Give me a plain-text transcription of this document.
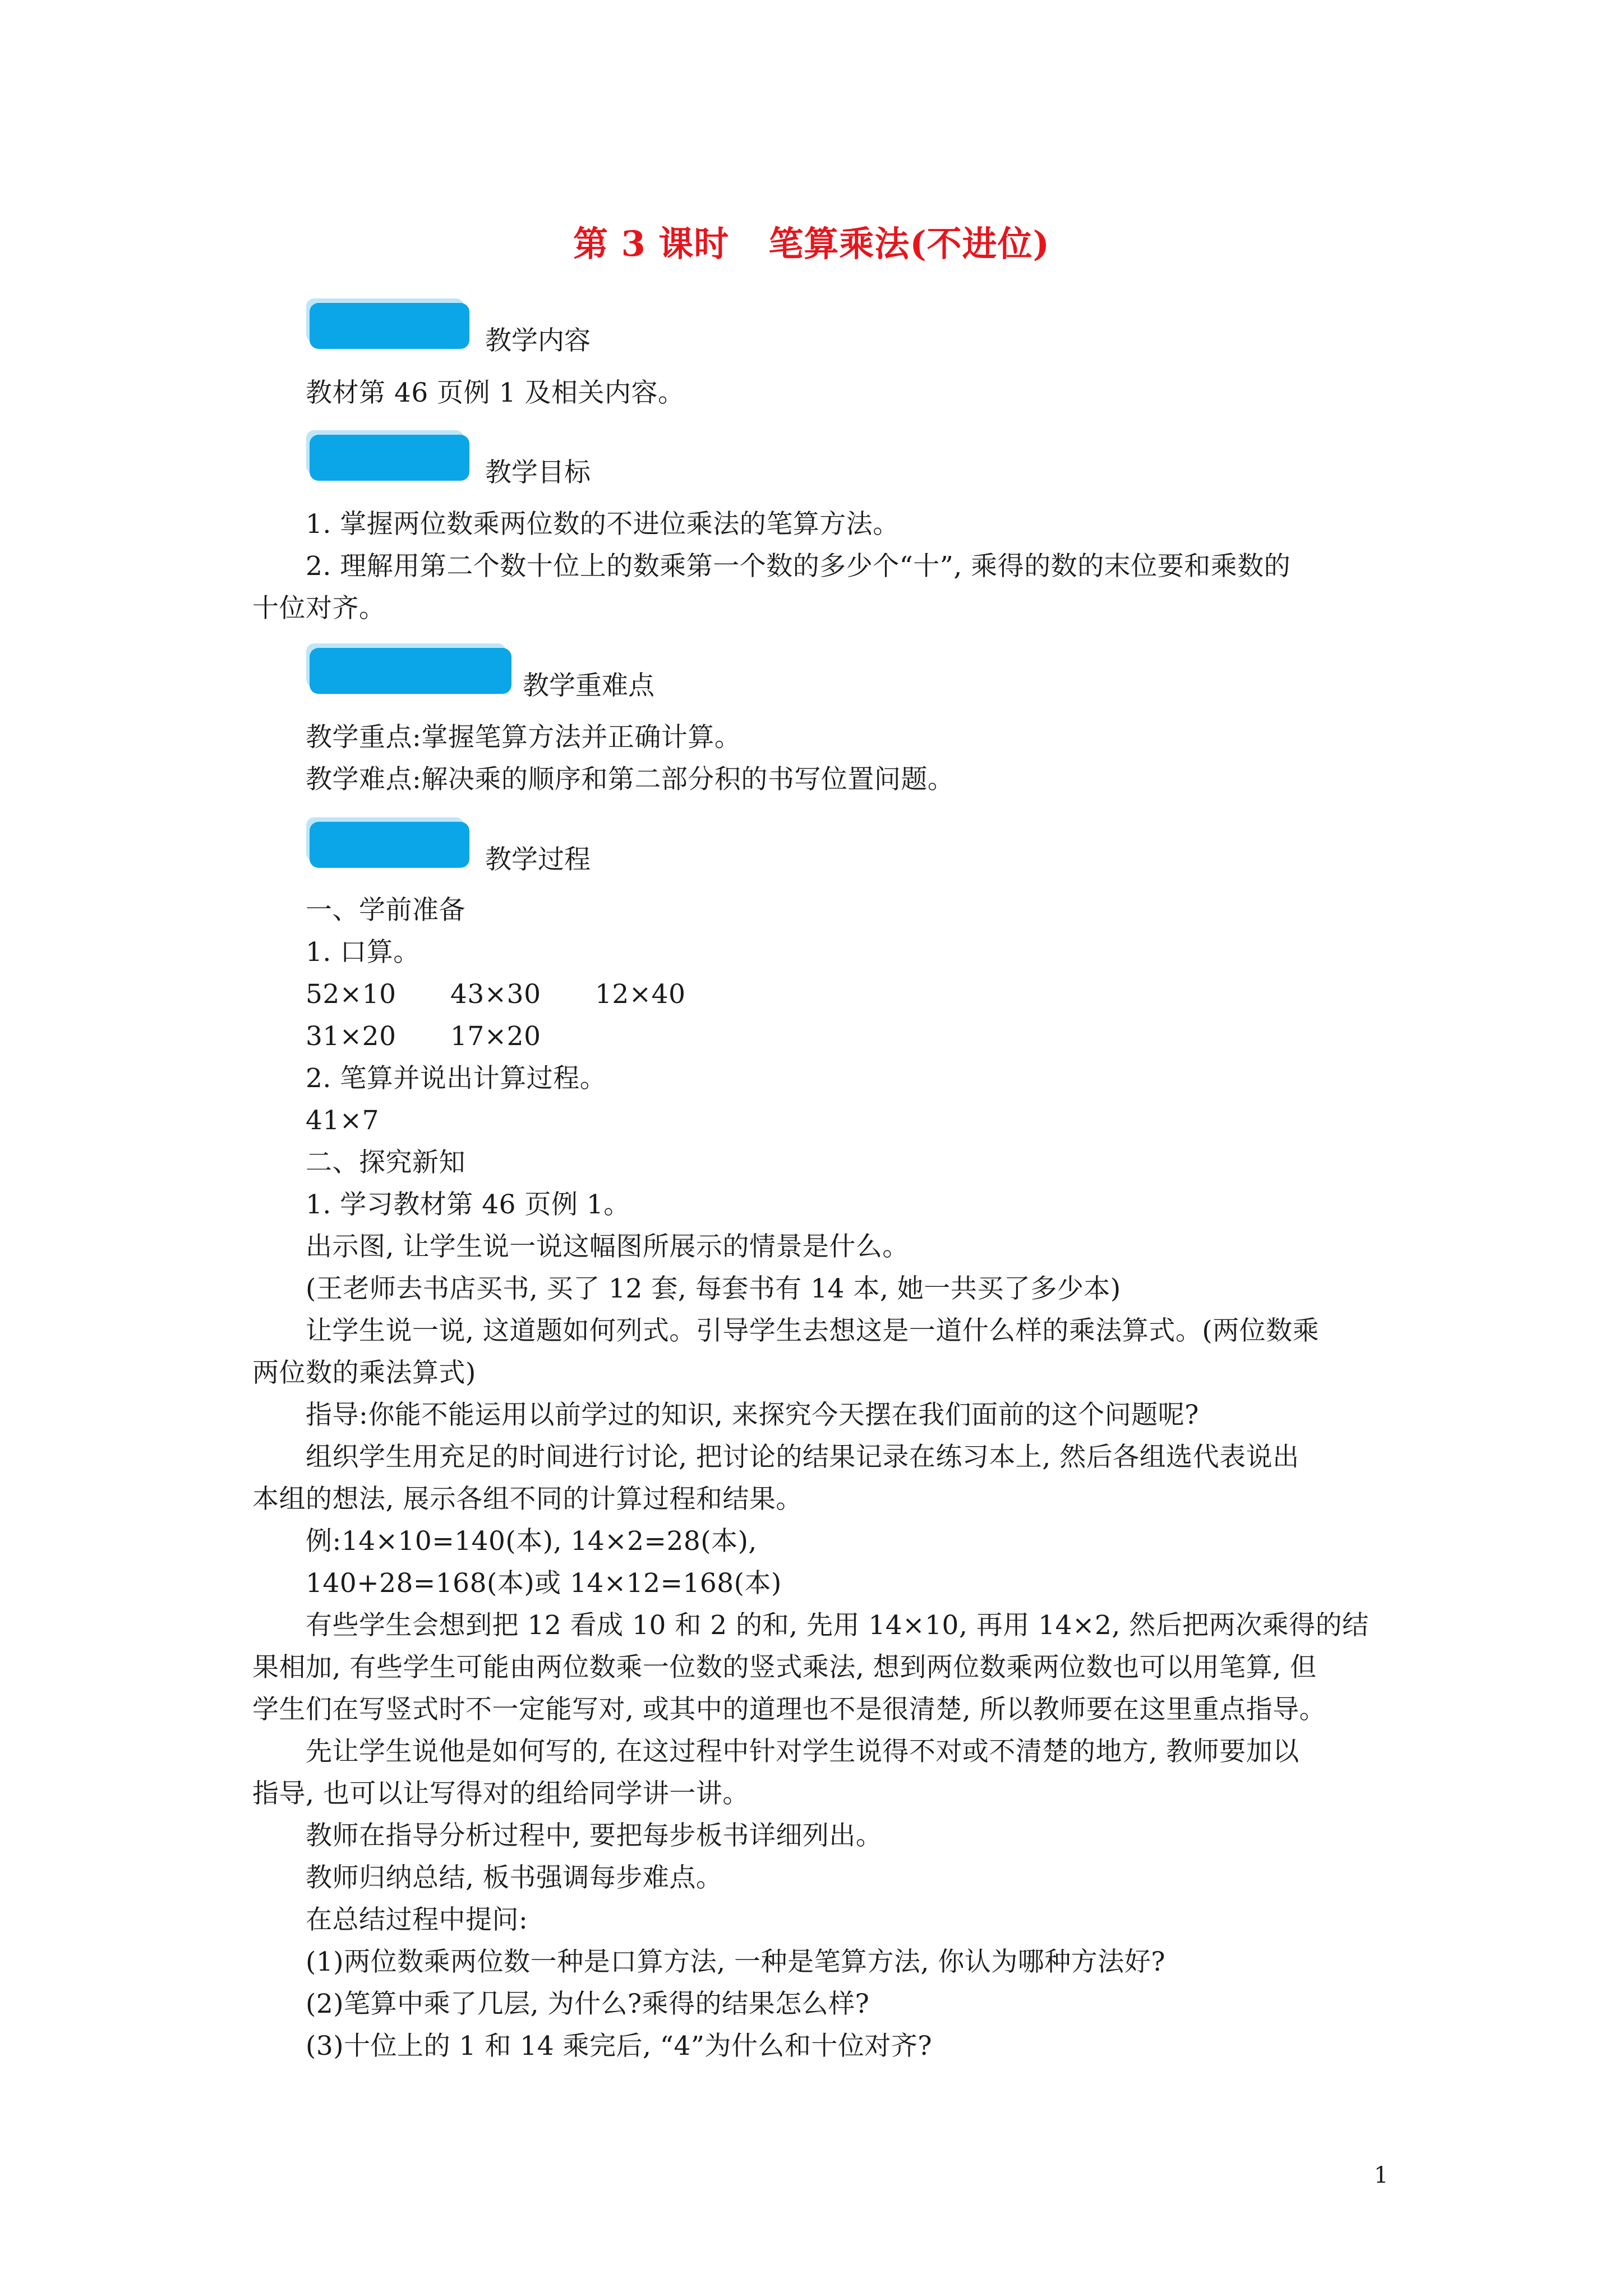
第 3 课时 笔算乘法(不进位)
教学内容
教材第 46 页例 1 及相关内容。
教学目标
1. 掌握两位数乘两位数的不进位乘法的笔算方法。
2. 理解用第二个数十位上的数乘第一个数的多少个“十”, 乘得的数的末位要和乘数的
十位对齐。
教学重难点
教学重点:掌握笔算方法并正确计算。
教学难点:解决乘的顺序和第二部分积的书写位置问题。
教学过程
一、学前准备
1. 口算。
52×10 43×30 12×40
31×20 17×20
2. 笔算并说出计算过程。
41×7
二、探究新知
1. 学习教材第 46 页例 1。
出示图, 让学生说一说这幅图所展示的情景是什么。
(王老师去书店买书, 买了 12 套, 每套书有 14 本, 她一共买了多少本)
让学生说一说, 这道题如何列式。引导学生去想这是一道什么样的乘法算式。(两位数乘
两位数的乘法算式)
指导:你能不能运用以前学过的知识, 来探究今天摆在我们面前的这个问题呢?
组织学生用充足的时间进行讨论, 把讨论的结果记录在练习本上, 然后各组选代表说出
本组的想法, 展示各组不同的计算过程和结果。
例:14×10=140(本), 14×2=28(本),
140+28=168(本)或 14×12=168(本)
有些学生会想到把 12 看成 10 和 2 的和, 先用 14×10, 再用 14×2, 然后把两次乘得的结
果相加, 有些学生可能由两位数乘一位数的竖式乘法, 想到两位数乘两位数也可以用笔算, 但
学生们在写竖式时不一定能写对, 或其中的道理也不是很清楚, 所以教师要在这里重点指导。
先让学生说他是如何写的, 在这过程中针对学生说得不对或不清楚的地方, 教师要加以
指导, 也可以让写得对的组给同学讲一讲。
教师在指导分析过程中, 要把每步板书详细列出。
教师归纳总结, 板书强调每步难点。
在总结过程中提问:
(1)两位数乘两位数一种是口算方法, 一种是笔算方法, 你认为哪种方法好?
(2)笔算中乘了几层, 为什么?乘得的结果怎么样?
(3)十位上的 1 和 14 乘完后, “4”为什么和十位对齐?
1
